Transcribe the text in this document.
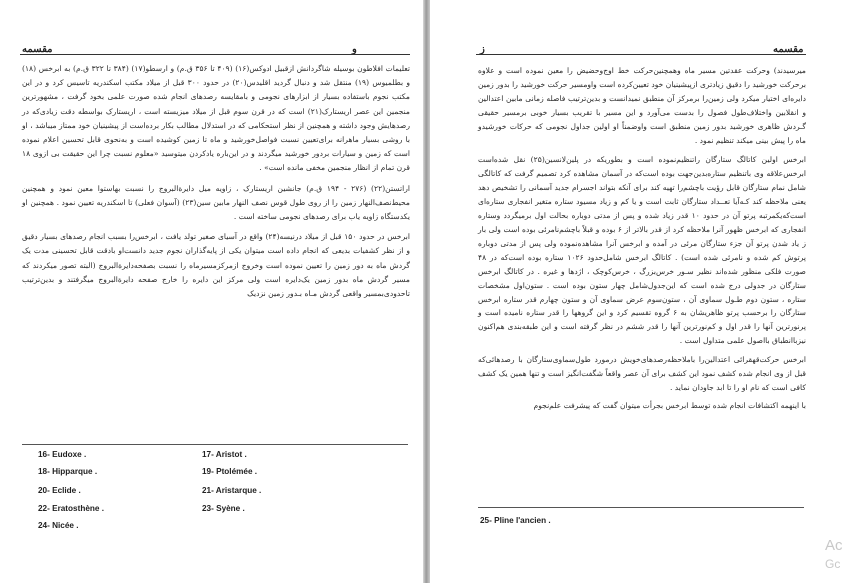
مقسمه	و

تعلیمات افلاطون بوسیله شاگردانش ازقبیل ادوکس(۱۶) (۴۰۹ تا ۳۵۶ ق.م) و ارسطو(۱۷) (۳۸۴ تا ۳۲۲ ق.م) به ابرخس (۱۸) و بطلمیوس (۱۹) منتقل شد و دنبال گردید اقلیدس(۲۰) در حدود ۳۰۰ قبل از میلاد مکتب اسکندریه تاسیس کرد و در این مکتب نجوم باستفاده بسیار از ابزارهای نجومی و بامقایسه رصدهای انجام شده صورت علمی بخود گرفت ، مشهورترین منجمین این عصر اریستارک(۲۱) است که در قرن سوم قبل از میلاد میزیسته است ، اریستارک بواسطه دقت زیادی‌که در رصدهایش وجود داشته و همچنین از نظر استحکامی که در استدلال مطالب بکار برده‌است از پیشینیان خود ممتاز میباشد ، او با روشی بسیار ماهرانه برای‌تعیین نسبت فواصل‌خورشید و ماه تا زمین کوشیده است و به‌نحوی قابل تحسین اعلام نموده است که زمین و سیارات بردور خورشید میگردند و در این‌باره یادکردن میتوسید «معلوم نسبت چرا این حقیقت بی ازوی ۱۸ قرن تمام از انظار منجمین مخفی مانده است» .

اراتستن(۲۲) (۲۷۶ - ۱۹۴ ق.م) جانشین اریستارک ، زاویه میل دایرةالبروج را نسبت بهاستوا معین نمود و همچنین محیط‌نصف‌النهار زمین را از روی طول قوس نصف النهار مابین سین(۲۳) (آسوان فعلی) تا اسکندریه تعیین نمود . همچنین او یکدستگاه زاویه یاب برای رصدهای نجومی ساخته است .

ابرخس در حدود ۱۵۰ قبل از میلاد درنیسه(۲۴) واقع در آسیای صغیر تولد یافت ، ابرخس‌را بسبب انجام رصدهای بسیار دقیق و از نظر کشفیات بدیعی که انجام داده است میتوان یکی از پایه‌گذاران نجوم جدید دانست‌او بادقت قابل تحسینی مدت یک گردش ماه به دور زمین را تعیین نموده است وخروج ازمرکزمسیرماه را نسبت بصفحه‌دایرةالبروج (البته تصور میکردند که مسیر گردش ماه بدور زمین یک‌دایره است ولی مرکز این دایره را خارج صفحه دایرةالبروج میگرفتند و بدین‌ترتیب تاحدودی‌بمسیر واقعی گردش مـاه بـدور زمین نزدیک

16- Eudoxe .	17- Aristot .
18- Hipparque .	19- Ptolémée .
20- Eclide .	21- Aristarque .
22- Eratosthène .	23- Syène .
24- Nicée .
ز	مقسمه

میرسیدند) وحرکت عقدتین مسیر ماه وهمچنین‌حرکت خط اوج‌وحضیض را معین نموده است و علاوه برحرکت خورشید را دقیق زیادتری ازپیشینیان خود تعیین‌کرده است واومسیر حرکت خورشید را بدور زمین دایره‌ای اختیار میکرد ولی زمین‌را برمرکز آن منطبق نمیدانست و بدین‌ترتیب فاصله زمانی مابین اعتدالین و انقلابین واختلاف‌طول فصول را بدست می‌آورد و این مسیر با تقریب بسیار خوبی برمسیر حقیقی گـردش ظاهری خورشید بدور زمین منطبق است واوضمناً او اولین جداول نجومی که حرکات خورشیدو ماه را پیش بینی میکند تنظیم نمود .

ابرخس اولین کاتالگ ستارگان راتنظیم‌نموده است و بطوریکه در پلین‌لانسین(۲۵) نقل شده‌است ابرخس‌علاقه وی باتنظیم ستاره‌بدین‌جهت بوده است‌که در آسمان مشاهده کرد تصمیم گرفت که کاتالگی شامل نمام ستارگان قابل رؤیت باچشم‌را تهیه کند برای آنکه بتواند اجسرام جدید آسمانی را تشخیص دهد یعنی ملاحظه کند کـه‌آیا تعــداد ستارگان ثابت است و یا کم و زیاد مسیود ستاره متغیر انفجاری ستاره‌ای است‌که‌یکمرتبه پرتو آن در حدود ۱۰ قدر زیاد شده و پس از مدتی دوباره بحالت اول برمیگردد وستاره انفجاری که ابرخس ظهور آنرا ملاحظه کرد از قدر بالاتر از ۶ بوده و قبلاً باچشم‌نامرئی بوده است ولی بار ز یاد شدن پرتو آن جزء ستارگان مرئی در آمده و ابرخس آنرا مشاهده‌نموده ولی پس از مدتی دوباره پرتوش کم شده و نامرئی شده است) . کاتالگ ابرخس شامل‌حدود ۱۰۲۶ ستاره بوده است‌که در ۴۸ صورت فلکی منظور شده‌اند نظیر سـور خرس‌بزرگ ، خرس‌کوچک ، اژدها و غیره . در کاتالگ ابرخس ستارگان در جدولی درج شده است که این‌جدول‌شامل چهار ستون بوده است . ستون‌اول مشخصات ستاره ، ستون دوم طـول سماوی آن ، ستون‌سوم عرض سماوی آن و ستون چهارم قدر ستاره ابرخس ستارگان را برحسب پرتو ظاهریشان به ۶ گروه تقسیم کرد و این گروهها را قدر ستاره نامیده است و پرنورترین آنها را قدر اول و کم‌نورترین آنها را قدر ششم در نظر گرفته است و این طبقه‌بندی هم‌اکنون نیزباانطباق بااصول علمی متداول است .

ابرخس حرکت‌قهقرائی اعتدالین‌را باملاحظه‌رصدهای‌خویش درمورد طول‌سماوی‌ستارگان ‌با رصدهائی‌که قبل از وی انجام شده کشف نمود این کشف برای آن عصر واقعاً شگفت‌انگیز است و تنها همین یک کشف کافی است که نام او را تا ابد جاودان نماید .

با اینهمه اکتشافات انجام شده توسط ابرخس بجرأت میتوان گفت که پیشرفت علم‌نجوم

25- Pline l'ancien .
Ac
Gc
